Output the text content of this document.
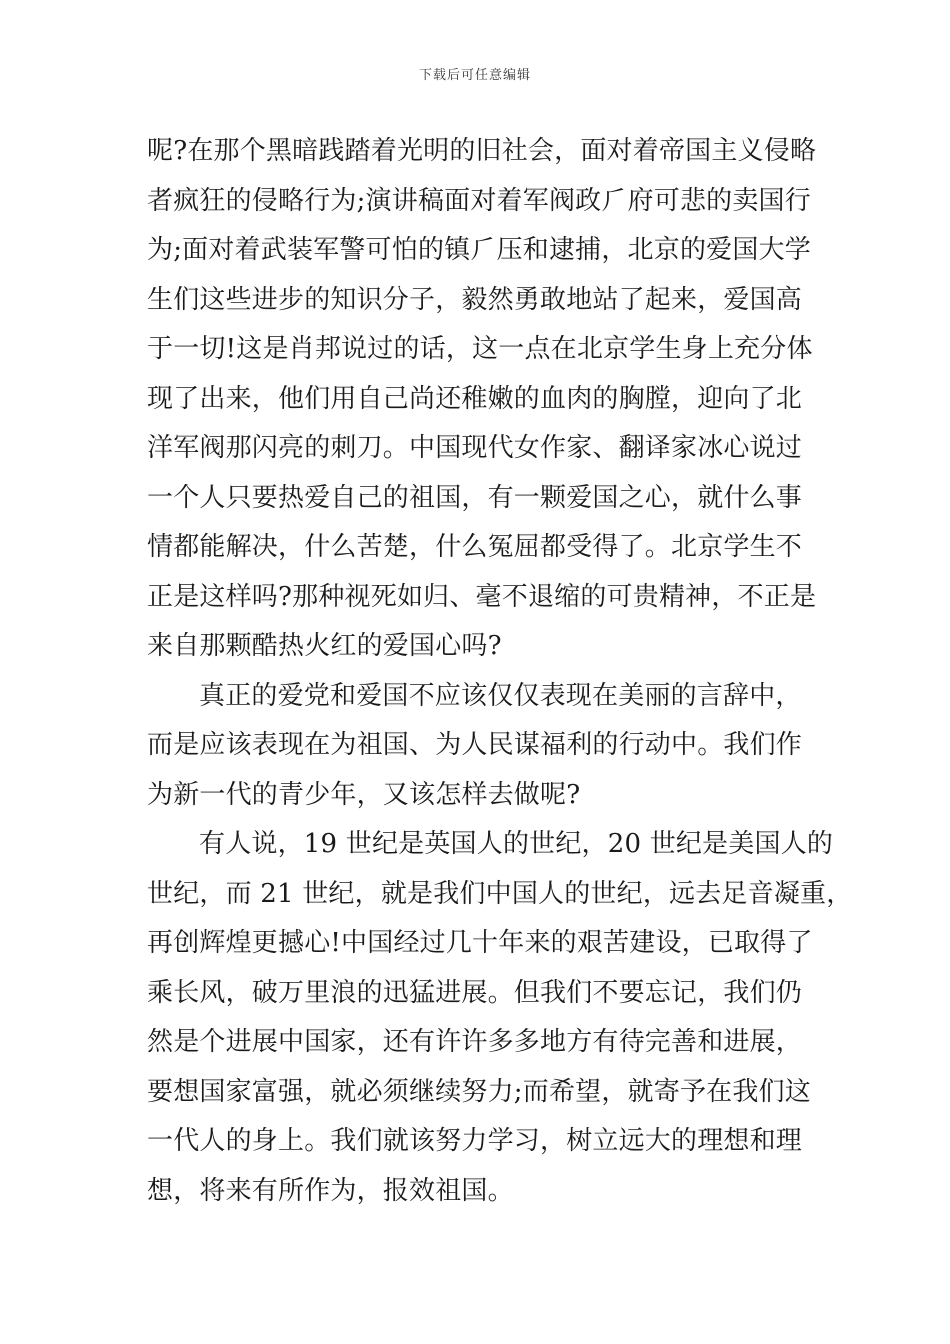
下载后可任意编辑
呢?在那个黑暗践踏着光明的旧社会，面对着帝国主义侵略
者疯狂的侵略行为;演讲稿面对着军阀政⺁府可悲的卖国行
为;面对着武装军警可怕的镇⺁压和逮捕，北京的爱国大学
生们这些进步的知识分子，毅然勇敢地站了起来，爱国高
于一切!这是肖邦说过的话，这一点在北京学生身上充分体
现了出来，他们用自己尚还稚嫩的血肉的胸膛，迎向了北
洋军阀那闪亮的刺刀。中国现代女作家、翻译家冰心说过
一个人只要热爱自己的祖国，有一颗爱国之心，就什么事
情都能解决，什么苦楚，什么冤屈都受得了。北京学生不
正是这样吗?那种视死如归、毫不退缩的可贵精神，不正是
来自那颗酷热火红的爱国心吗?
真正的爱党和爱国不应该仅仅表现在美丽的言辞中，
而是应该表现在为祖国、为人民谋福利的行动中。我们作
为新一代的青少年，又该怎样去做呢?
有人说，19 世纪是英国人的世纪，20 世纪是美国人的
世纪，而 21 世纪，就是我们中国人的世纪，远去足音凝重，
再创辉煌更撼心!中国经过几十年来的艰苦建设，已取得了
乘长风，破万里浪的迅猛进展。但我们不要忘记，我们仍
然是个进展中国家，还有许许多多地方有待完善和进展，
要想国家富强，就必须继续努力;而希望，就寄予在我们这
一代人的身上。我们就该努力学习，树立远大的理想和理
想，将来有所作为，报效祖国。
